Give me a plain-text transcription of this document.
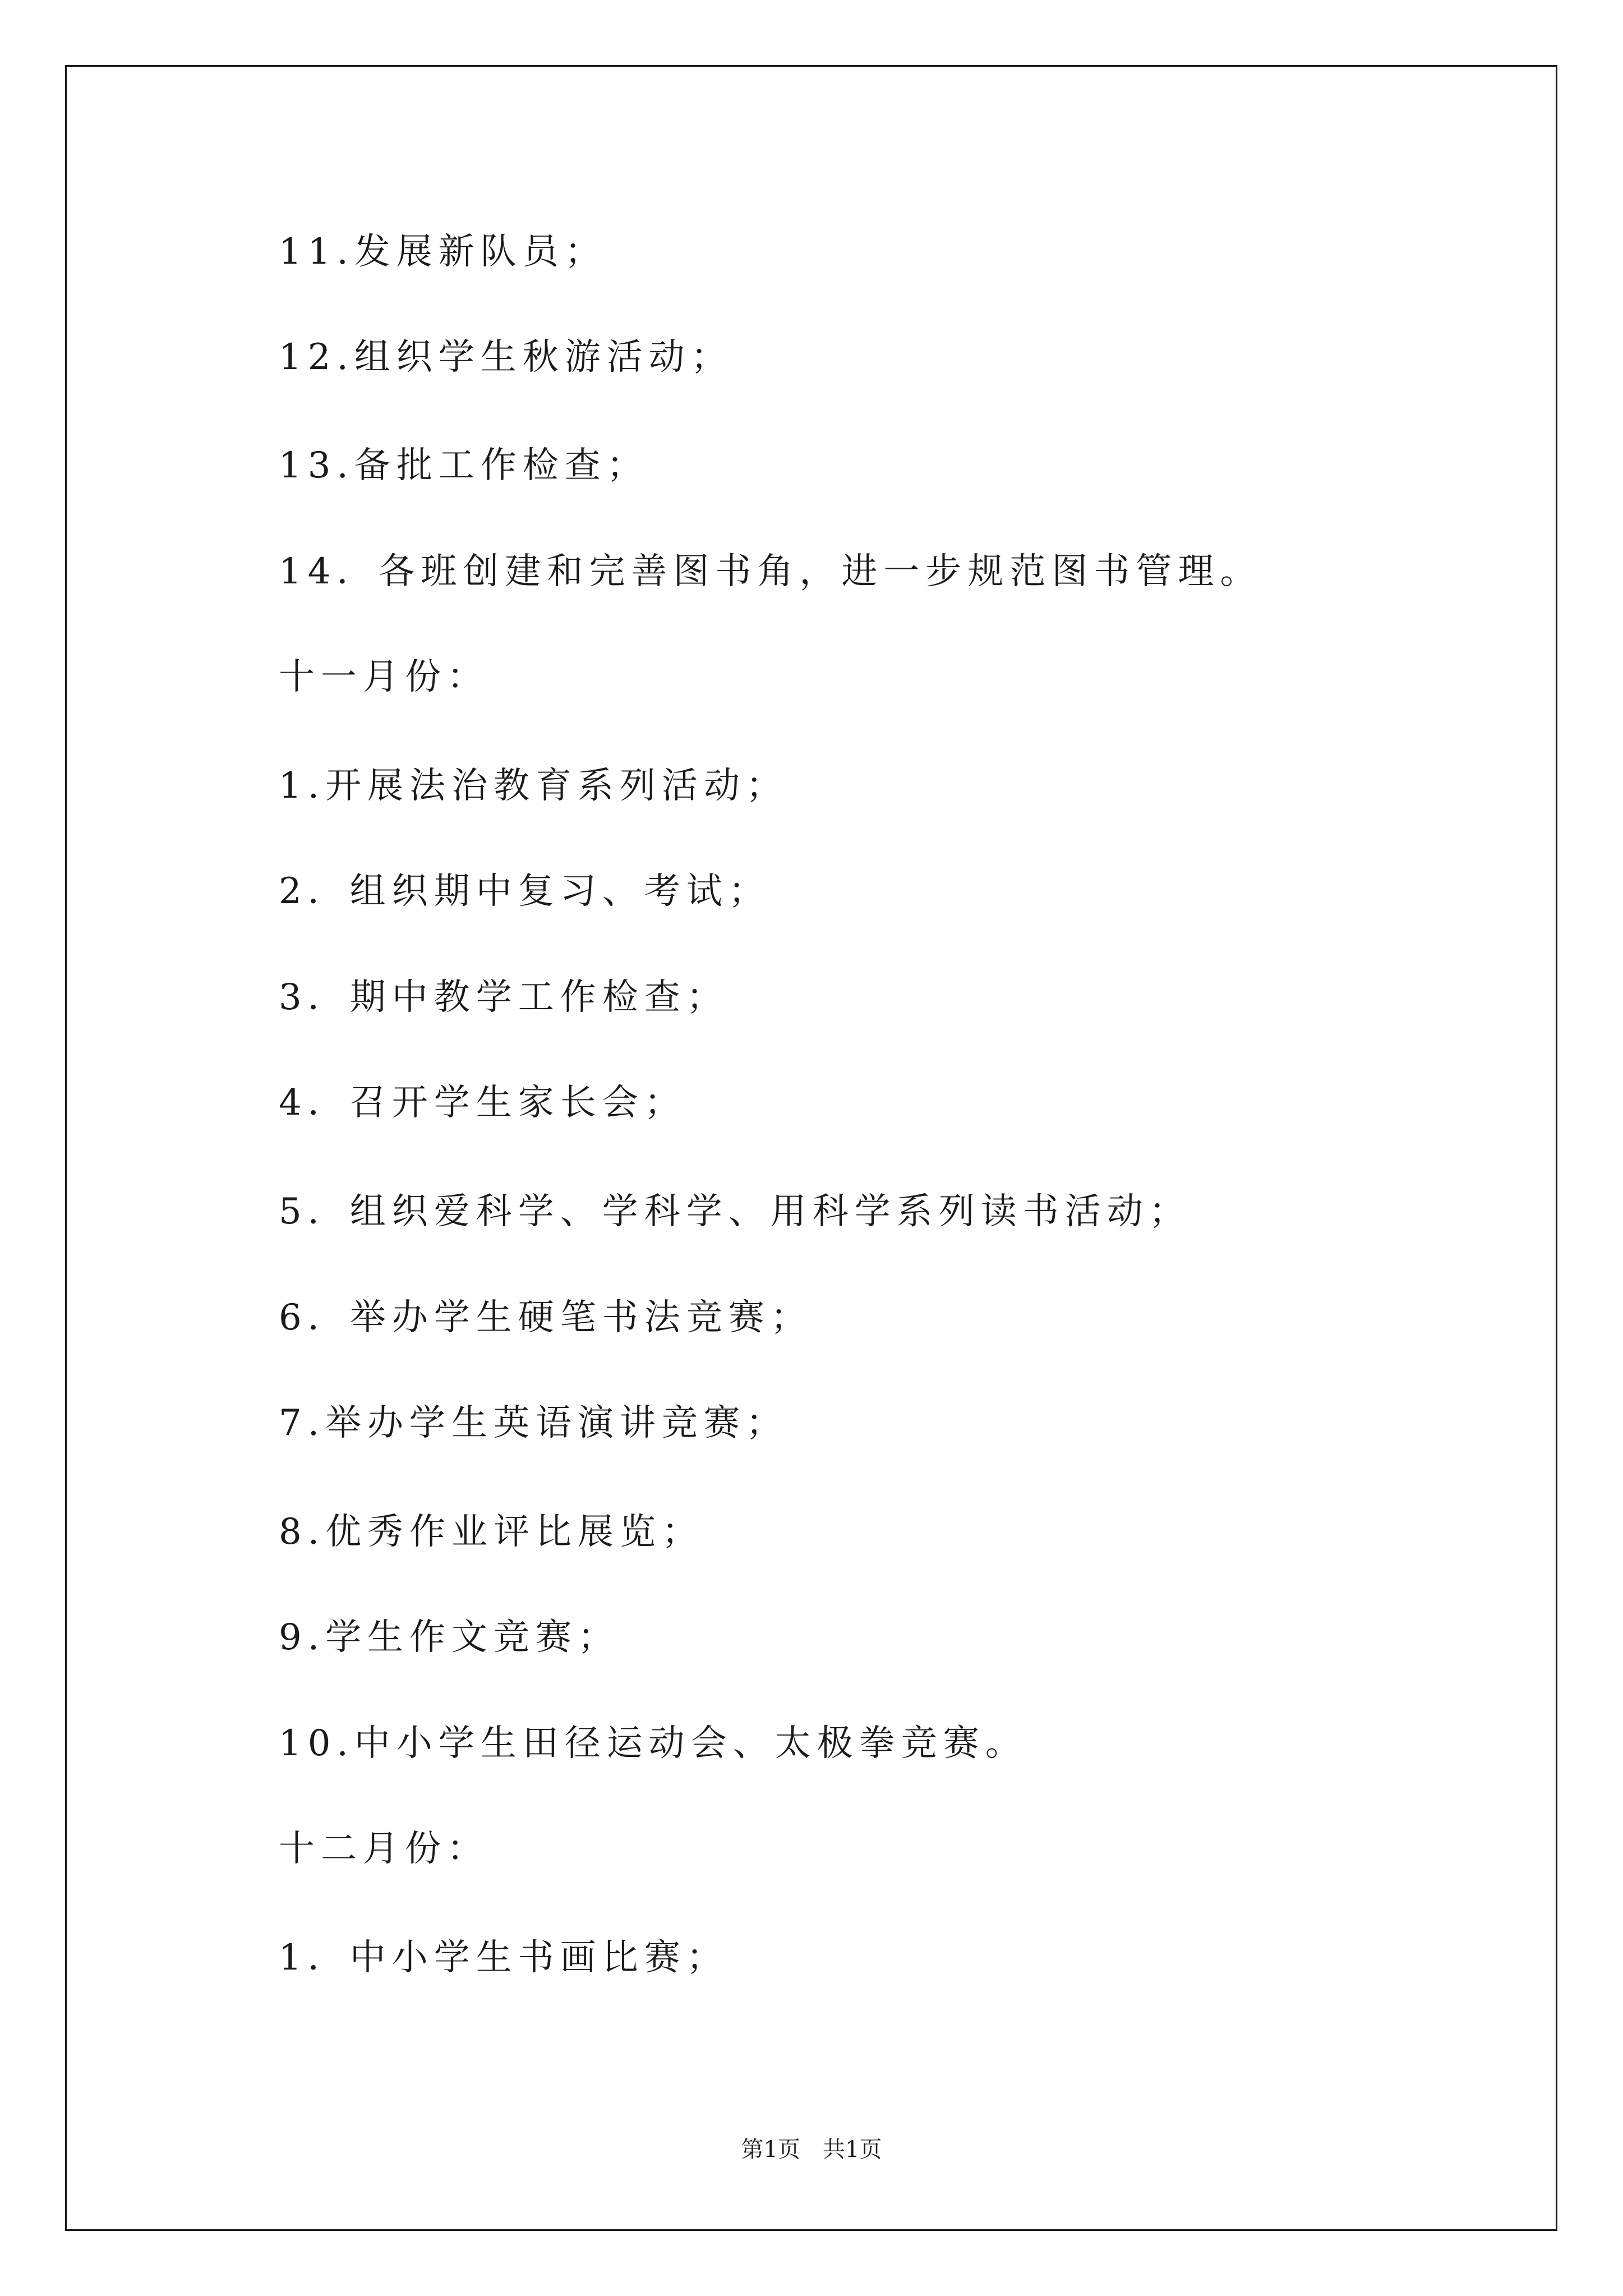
11.发展新队员；

12.组织学生秋游活动；

13.备批工作检查；

14．各班创建和完善图书角，进一步规范图书管理。

十一月份：

1.开展法治教育系列活动；

2．组织期中复习、考试；

3．期中教学工作检查；

4．召开学生家长会；

5．组织爱科学、学科学、用科学系列读书活动；

6．举办学生硬笔书法竞赛；

7.举办学生英语演讲竞赛；

8.优秀作业评比展览；

9.学生作文竞赛；

10.中小学生田径运动会、太极拳竞赛。

十二月份：

1．中小学生书画比赛；

第1页　共1页
